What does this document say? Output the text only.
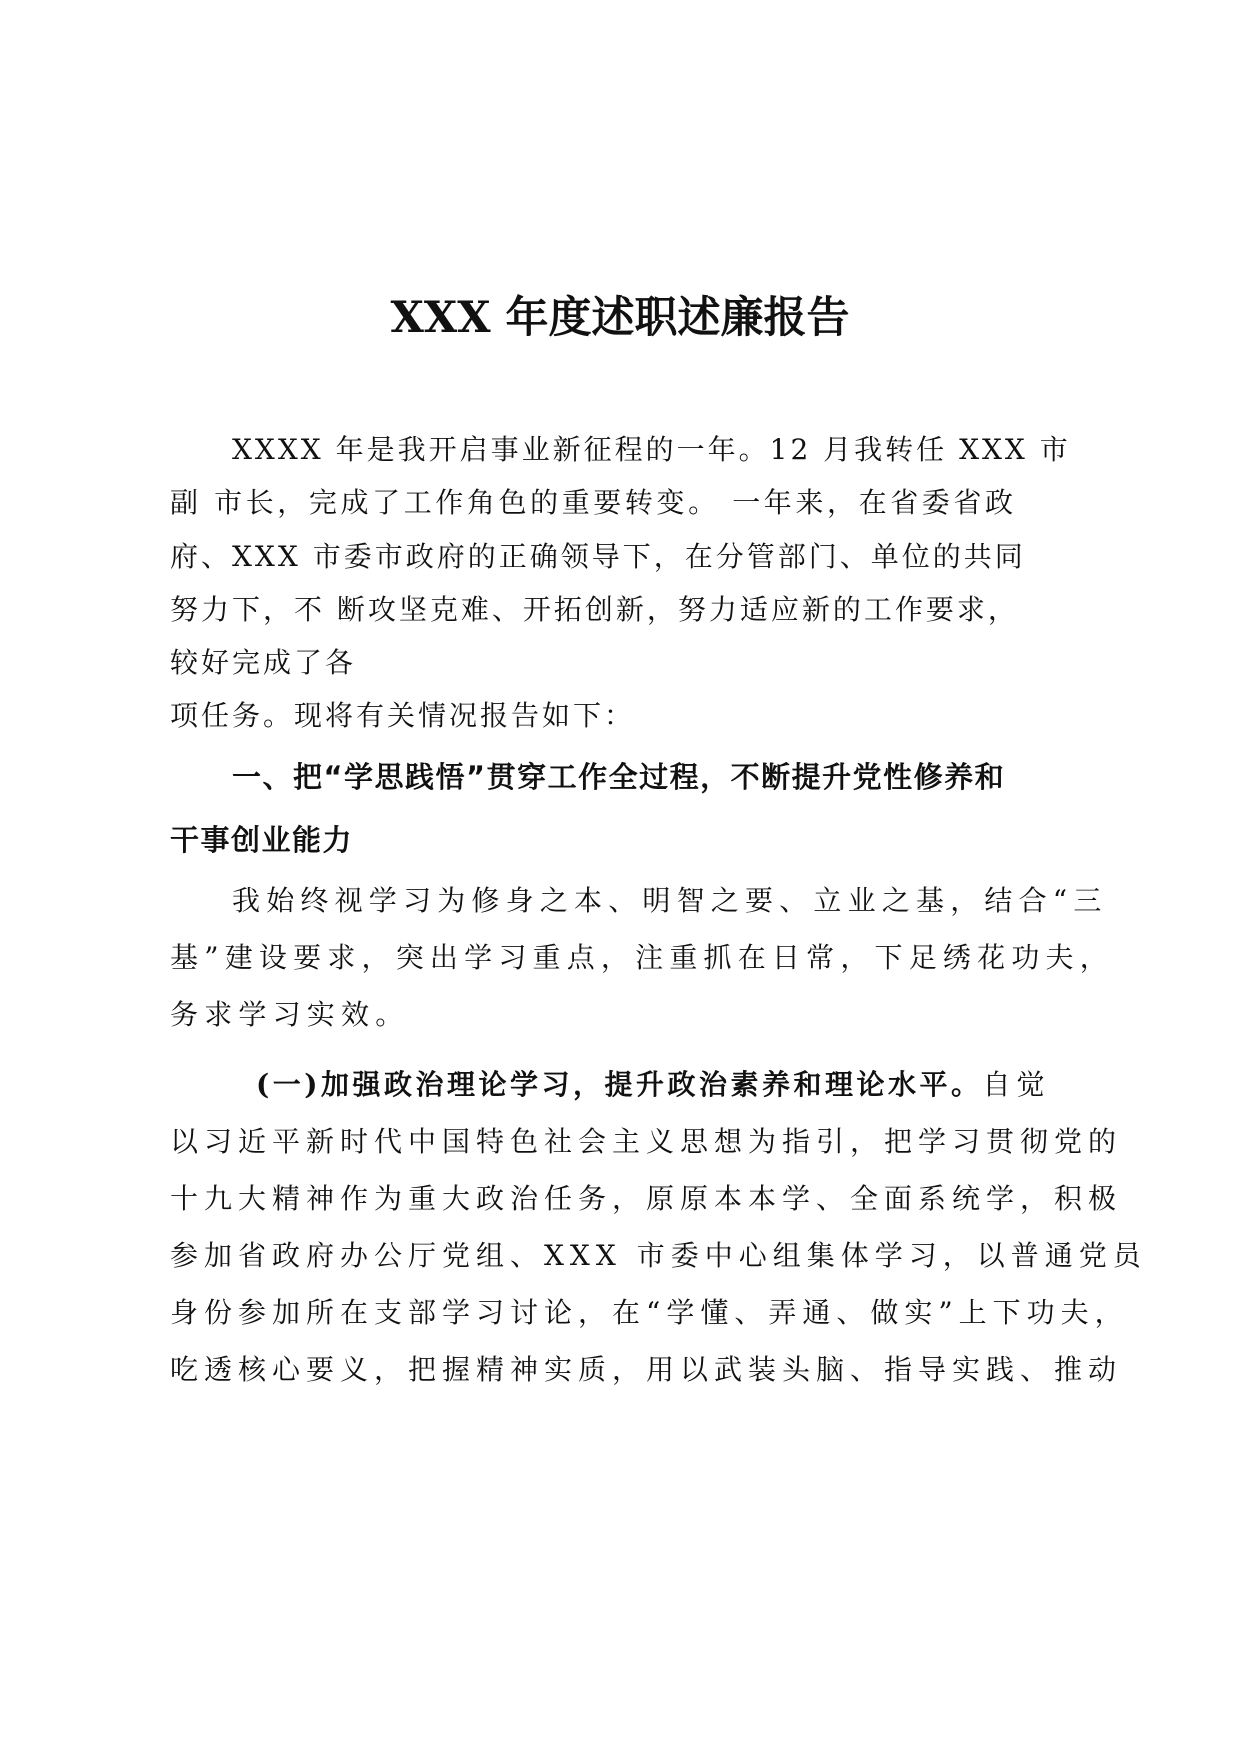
XXX 年度述职述廉报告
XXXX 年是我开启事业新征程的一年。12 月我转任 XXX 市
副 市长，完成了工作角色的重要转变。 一年来，在省委省政
府、XXX 市委市政府的正确领导下，在分管部门、单位的共同
努力下，不 断攻坚克难、开拓创新，努力适应新的工作要求，
较好完成了各
项任务。现将有关情况报告如下：
一、把“学思践悟”贯穿工作全过程，不断提升党性修养和
干事创业能力
我始终视学习为修身之本、明智之要、立业之基，结合“三
基”建设要求，突出学习重点，注重抓在日常，下足绣花功夫，
务求学习实效。
(一)加强政治理论学习，提升政治素养和理论水平。自觉
以习近平新时代中国特色社会主义思想为指引，把学习贯彻党的
十九大精神作为重大政治任务，原原本本学、全面系统学，积极
参加省政府办公厅党组、XXX 市委中心组集体学习，以普通党员
身份参加所在支部学习讨论，在“学懂、弄通、做实”上下功夫，
吃透核心要义，把握精神实质，用以武装头脑、指导实践、推动
